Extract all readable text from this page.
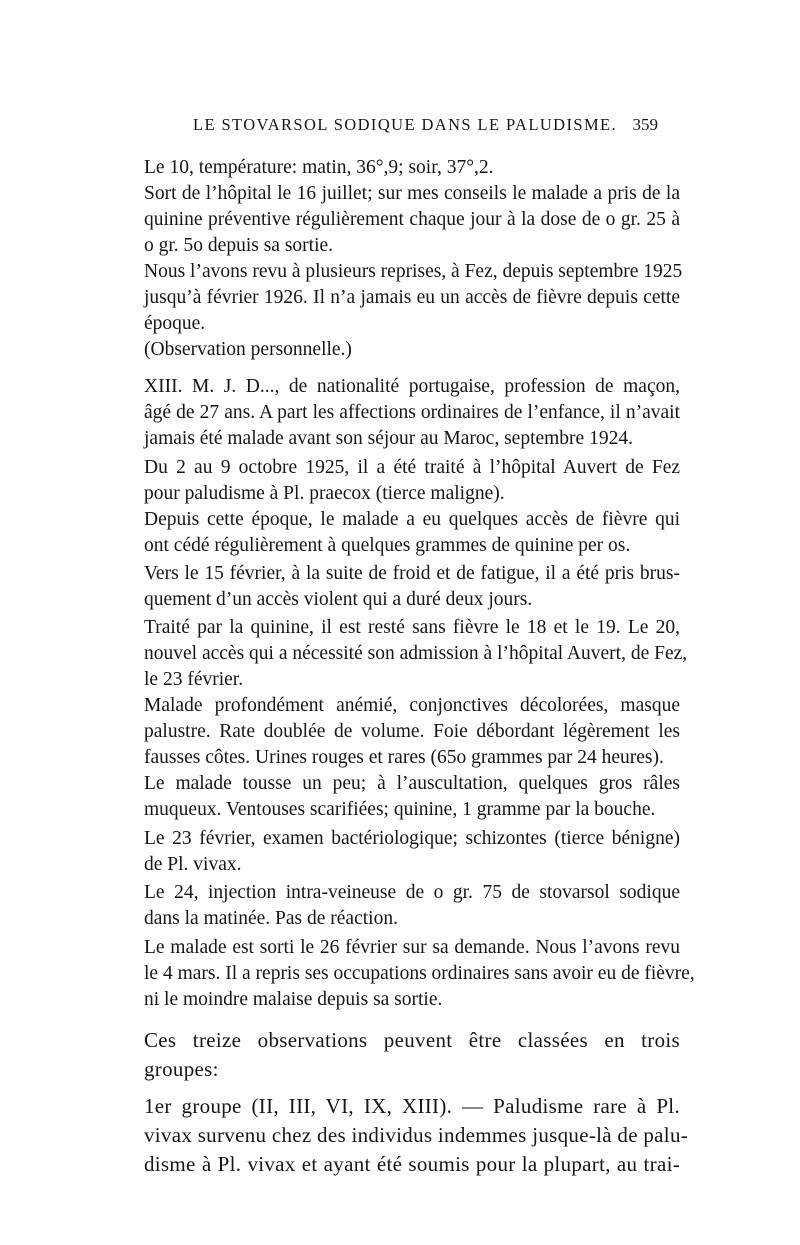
LE STOVARSOL SODIQUE DANS LE PALUDISME. 359

Le 10, température: matin, 36°,9; soir, 37°,2.

Sort de l’hôpital le 16 juillet; sur mes conseils le malade a pris de la

quinine préventive régulièrement chaque jour à la dose de o gr. 25 à

o gr. 5o depuis sa sortie.

Nous l’avons revu à plusieurs reprises, à Fez, depuis septembre 1925

jusqu’à février 1926. Il n’a jamais eu un accès de fièvre depuis cette

époque.

(Observation personnelle.)

XIII. M. J. D..., de nationalité portugaise, profession de maçon,

âgé de 27 ans. A part les affections ordinaires de l’enfance, il n’avait

jamais été malade avant son séjour au Maroc, septembre 1924.

Du 2 au 9 octobre 1925, il a été traité à l’hôpital Auvert de Fez

pour paludisme à Pl. praecox (tierce maligne).

Depuis cette époque, le malade a eu quelques accès de fièvre qui

ont cédé régulièrement à quelques grammes de quinine per os.

Vers le 15 février, à la suite de froid et de fatigue, il a été pris brus-

quement d’un accès violent qui a duré deux jours.

Traité par la quinine, il est resté sans fièvre le 18 et le 19. Le 20,

nouvel accès qui a nécessité son admission à l’hôpital Auvert, de Fez,

le 23 février.

Malade profondément anémié, conjonctives décolorées, masque

palustre. Rate doublée de volume. Foie débordant légèrement les

fausses côtes. Urines rouges et rares (65o grammes par 24 heures).

Le malade tousse un peu; à l’auscultation, quelques gros râles

muqueux. Ventouses scarifiées; quinine, 1 gramme par la bouche.

Le 23 février, examen bactériologique; schizontes (tierce bénigne)

de Pl. vivax.

Le 24, injection intra-veineuse de o gr. 75 de stovarsol sodique

dans la matinée. Pas de réaction.

Le malade est sorti le 26 février sur sa demande. Nous l’avons revu

le 4 mars. Il a repris ses occupations ordinaires sans avoir eu de fièvre,

ni le moindre malaise depuis sa sortie.

Ces treize observations peuvent être classées en trois

groupes:

1er groupe (II, III, VI, IX, XIII). — Paludisme rare à Pl.

vivax survenu chez des individus indemmes jusque-là de palu-

disme à Pl. vivax et ayant été soumis pour la plupart, au trai-
